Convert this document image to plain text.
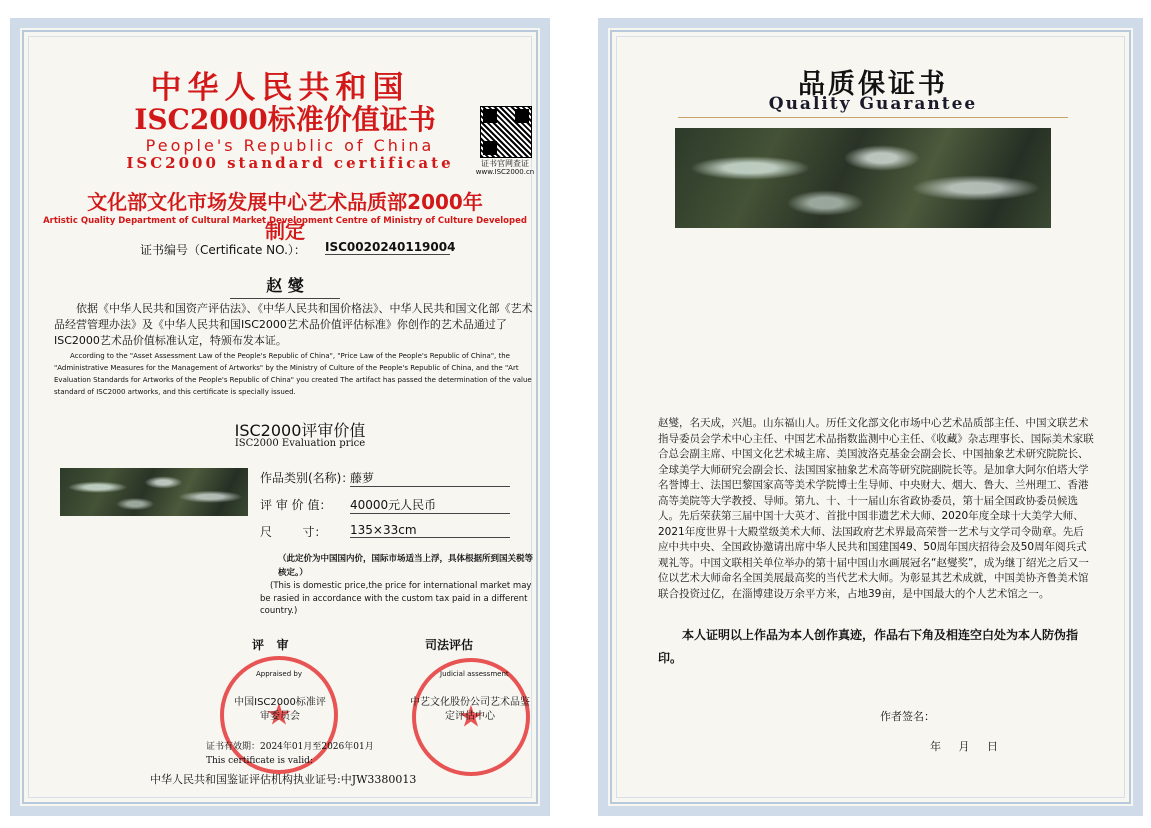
中华人民共和国
ISC2000标准价值证书
People's Republic of China
ISC2000 standard certificate	证书官网查证
www.ISC2000.cn
文化部文化市场发展中心艺术品质部2000年制定
Artistic Quality Department of Cultural Market Development Centre of Ministry of Culture Developed
证书编号（Certificate NO.）： ISC0020240119004
赵 燮
依据《中华人民共和国资产评估法》、《中华人民共和国价格法》、中华人民共和国文化部《艺术品经营管理办法》及《中华人民共和国ISC2000艺术品价值评估标准》你创作的艺术品通过了ISC2000艺术品价值标准认定，特颁布发本证。
According to the "Asset Assessment Law of the People's Republic of China", "Price Law of the People's Republic of China", the "Administrative Measures for the Management of Artworks" by the Ministry of Culture of the People's Republic of China, and the "Art Evaluation Standards for Artworks of the People's Republic of China" you created The artifact has passed the determination of the value standard of ISC2000 artworks, and this certificate is specially issued.
ISC2000评审价值
ISC2000 Evaluation price
作品类别(名称)：
藤萝
评 审 价 值： 40000元人民币
尺        寸： 135×33cm
（此定价为中国国内价，国际市场适当上浮，具体根据所到国关税等核定。）
(This is domestic price,the price for international market may be rasied in accordance with the custom tax paid in a different country.)
评   审	司法评估
★
★
Appraised by
中国ISC2000标准评审委员会
Judicial assessment
中艺文化股份公司艺术品鉴定评估中心
证书有效期：2024年01月至2026年01月
This certificate is valid:
中华人民共和国鉴证评估机构执业证号:中JW3380013
品质保证书
Quality Guarantee
赵燮，名天成，兴旭。山东福山人。历任文化部文化市场中心艺术品质部主任、中国文联艺术指导委员会学术中心主任、中国艺术品指数监测中心主任、《收藏》杂志理事长、国际美术家联合总会副主席、中国文化艺术城主席、美国波洛克基金会副会长、中国抽象艺术研究院院长、全球美学大师研究会副会长、法国国家抽象艺术高等研究院副院长等。是加拿大阿尔伯塔大学名誉博士、法国巴黎国家高等美术学院博士生导师、中央财大、烟大、鲁大、兰州理工、香港高等美院等大学教授、导师。第九、十、十一届山东省政协委员，第十届全国政协委员候选人。先后荣获第三届中国十大英才、首批中国非遗艺术大师、2020年度全球十大美学大师、2021年度世界十大殿堂级美术大师、法国政府艺术界最高荣誉一艺术与文学司令勋章。先后应中共中央、全国政协邀请出席中华人民共和国建国49、50周年国庆招待会及50周年阅兵式观礼等。中国文联相关单位举办的第十届中国山水画展冠名“赵燮奖”，成为继丁绍光之后又一位以艺术大师命名全国美展最高奖的当代艺术大师。为彰显其艺术成就，中国美协齐鲁美术馆联合投资过亿，在淄博建设万余平方米，占地39亩，是中国最大的个人艺术馆之一。
本人证明以上作品为本人创作真迹，作品右下角及相连空白处为本人防伪指印。
作者签名：
年     月     日
